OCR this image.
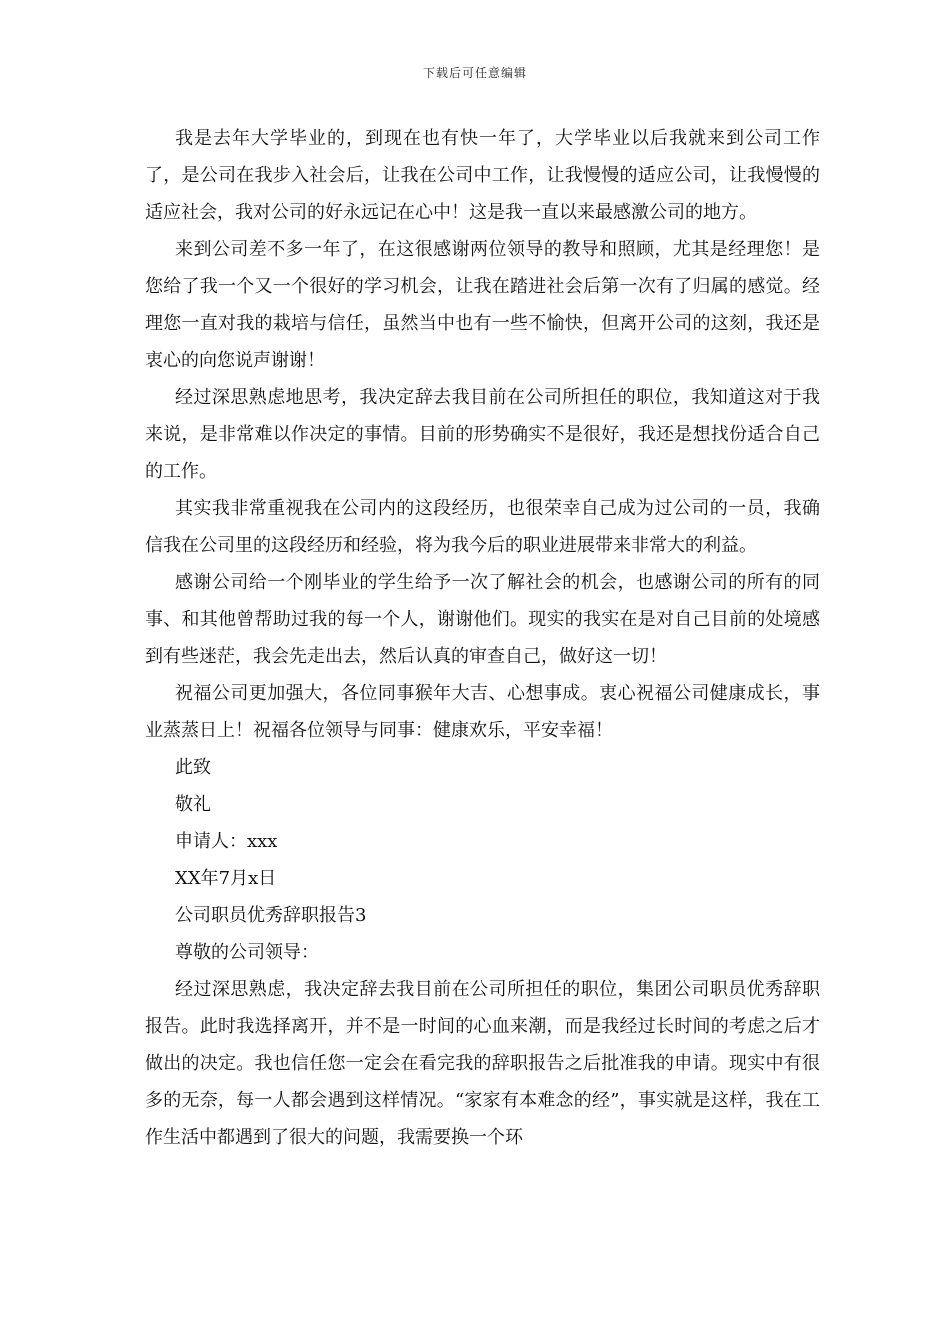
下载后可任意编辑

我是去年大学毕业的，到现在也有快一年了，大学毕业以后我就来到公司工作了，是公司在我步入社会后，让我在公司中工作，让我慢慢的适应公司，让我慢慢的适应社会，我对公司的好永远记在心中！这是我一直以来最感激公司的地方。

来到公司差不多一年了，在这很感谢两位领导的教导和照顾，尤其是经理您！是您给了我一个又一个很好的学习机会，让我在踏进社会后第一次有了归属的感觉。经理您一直对我的栽培与信任，虽然当中也有一些不愉快，但离开公司的这刻，我还是衷心的向您说声谢谢！

经过深思熟虑地思考，我决定辞去我目前在公司所担任的职位，我知道这对于我来说，是非常难以作决定的事情。目前的形势确实不是很好，我还是想找份适合自己的工作。

其实我非常重视我在公司内的这段经历，也很荣幸自己成为过公司的一员，我确信我在公司里的这段经历和经验，将为我今后的职业进展带来非常大的利益。

感谢公司给一个刚毕业的学生给予一次了解社会的机会，也感谢公司的所有的同事、和其他曾帮助过我的每一个人，谢谢他们。现实的我实在是对自己目前的处境感到有些迷茫，我会先走出去，然后认真的审查自己，做好这一切！

祝福公司更加强大，各位同事猴年大吉、心想事成。衷心祝福公司健康成长，事业蒸蒸日上！祝福各位领导与同事：健康欢乐，平安幸福！

此致

敬礼

申请人：xxx

XX年7月x日

公司职员优秀辞职报告3

尊敬的公司领导：

经过深思熟虑，我决定辞去我目前在公司所担任的职位，集团公司职员优秀辞职报告。此时我选择离开，并不是一时间的心血来潮，而是我经过长时间的考虑之后才做出的决定。我也信任您一定会在看完我的辞职报告之后批准我的申请。现实中有很多的无奈，每一人都会遇到这样情况。“家家有本难念的经”，事实就是这样，我在工作生活中都遇到了很大的问题，我需要换一个环
